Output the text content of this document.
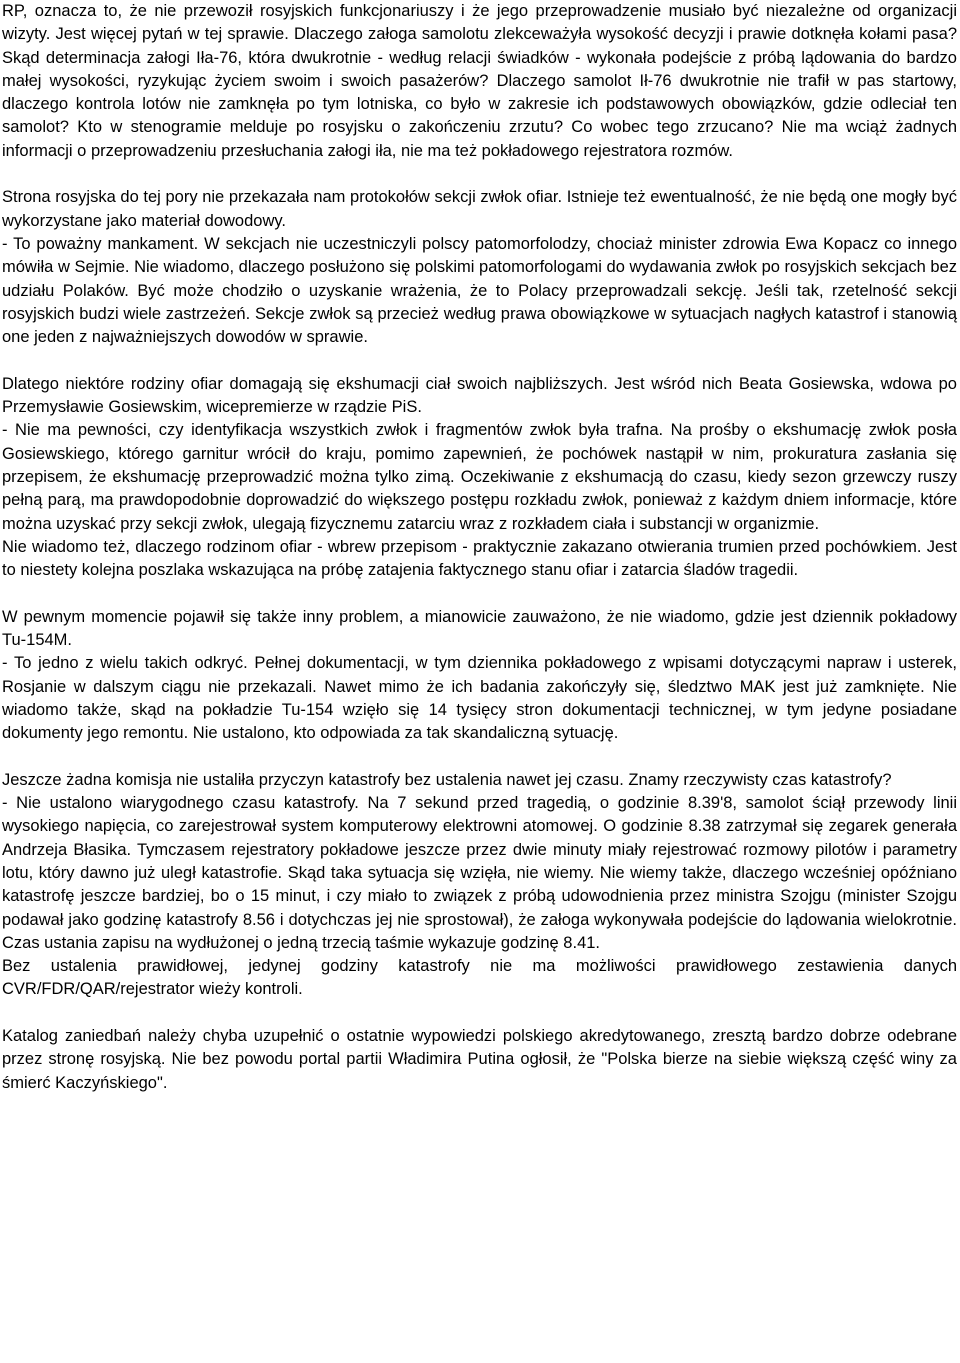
RP, oznacza to, że nie przewoził rosyjskich funkcjonariuszy i że jego przeprowadzenie musiało być niezależne od organizacji wizyty. Jest więcej pytań w tej sprawie. Dlaczego załoga samolotu zlekceważyła wysokość decyzji i prawie dotknęła kołami pasa? Skąd determinacja załogi Iła-76, która dwukrotnie - według relacji świadków - wykonała podejście z próbą lądowania do bardzo małej wysokości, ryzykując życiem swoim i swoich pasażerów? Dlaczego samolot Ił-76 dwukrotnie nie trafił w pas startowy, dlaczego kontrola lotów nie zamknęła po tym lotniska, co było w zakresie ich podstawowych obowiązków, gdzie odleciał ten samolot? Kto w stenogramie melduje po rosyjsku o zakończeniu zrzutu? Co wobec tego zrzucano? Nie ma wciąż żadnych informacji o przeprowadzeniu przesłuchania załogi iła, nie ma też pokładowego rejestratora rozmów.
Strona rosyjska do tej pory nie przekazała nam protokołów sekcji zwłok ofiar. Istnieje też ewentualność, że nie będą one mogły być wykorzystane jako materiał dowodowy.
- To poważny mankament. W sekcjach nie uczestniczyli polscy patomorfolodzy, chociaż minister zdrowia Ewa Kopacz co innego mówiła w Sejmie. Nie wiadomo, dlaczego posłużono się polskimi patomorfologami do wydawania zwłok po rosyjskich sekcjach bez udziału Polaków. Być może chodziło o uzyskanie wrażenia, że to Polacy przeprowadzali sekcję. Jeśli tak, rzetelność sekcji rosyjskich budzi wiele zastrzeżeń. Sekcje zwłok są przecież według prawa obowiązkowe w sytuacjach nagłych katastrof i stanowią one jeden z najważniejszych dowodów w sprawie.
Dlatego niektóre rodziny ofiar domagają się ekshumacji ciał swoich najbliższych. Jest wśród nich Beata Gosiewska, wdowa po Przemysławie Gosiewskim, wicepremierze w rządzie PiS.
- Nie ma pewności, czy identyfikacja wszystkich zwłok i fragmentów zwłok była trafna. Na prośby o ekshumację zwłok posła Gosiewskiego, którego garnitur wrócił do kraju, pomimo zapewnień, że pochówek nastąpił w nim, prokuratura zasłania się przepisem, że ekshumację przeprowadzić można tylko zimą. Oczekiwanie z ekshumacją do czasu, kiedy sezon grzewczy ruszy pełną parą, ma prawdopodobnie doprowadzić do większego postępu rozkładu zwłok, ponieważ z każdym dniem informacje, które można uzyskać przy sekcji zwłok, ulegają fizycznemu zatarciu wraz z rozkładem ciała i substancji w organizmie.
Nie wiadomo też, dlaczego rodzinom ofiar - wbrew przepisom - praktycznie zakazano otwierania trumien przed pochówkiem. Jest to niestety kolejna poszlaka wskazująca na próbę zatajenia faktycznego stanu ofiar i zatarcia śladów tragedii.
W pewnym momencie pojawił się także inny problem, a mianowicie zauważono, że nie wiadomo, gdzie jest dziennik pokładowy Tu-154M.
- To jedno z wielu takich odkryć. Pełnej dokumentacji, w tym dziennika pokładowego z wpisami dotyczącymi napraw i usterek, Rosjanie w dalszym ciągu nie przekazali. Nawet mimo że ich badania zakończyły się, śledztwo MAK jest już zamknięte. Nie wiadomo także, skąd na pokładzie Tu-154 wzięło się 14 tysięcy stron dokumentacji technicznej, w tym jedyne posiadane dokumenty jego remontu. Nie ustalono, kto odpowiada za tak skandaliczną sytuację.
Jeszcze żadna komisja nie ustaliła przyczyn katastrofy bez ustalenia nawet jej czasu. Znamy rzeczywisty czas katastrofy?
- Nie ustalono wiarygodnego czasu katastrofy. Na 7 sekund przed tragedią, o godzinie 8.39'8, samolot ściął przewody linii wysokiego napięcia, co zarejestrował system komputerowy elektrowni atomowej. O godzinie 8.38 zatrzymał się zegarek generała Andrzeja Błasika. Tymczasem rejestratory pokładowe jeszcze przez dwie minuty miały rejestrować rozmowy pilotów i parametry lotu, który dawno już uległ katastrofie. Skąd taka sytuacja się wzięła, nie wiemy. Nie wiemy także, dlaczego wcześniej opóźniano katastrofę jeszcze bardziej, bo o 15 minut, i czy miało to związek z próbą udowodnienia przez ministra Szojgu (minister Szojgu podawał jako godzinę katastrofy 8.56 i dotychczas jej nie sprostował), że załoga wykonywała podejście do lądowania wielokrotnie. Czas ustania zapisu na wydłużonej o jedną trzecią taśmie wykazuje godzinę 8.41.
Bez ustalenia prawidłowej, jedynej godziny katastrofy nie ma możliwości prawidłowego zestawienia danych CVR/FDR/QAR/rejestrator wieży kontroli.
Katalog zaniedbań należy chyba uzupełnić o ostatnie wypowiedzi polskiego akredytowanego, zresztą bardzo dobrze odebrane przez stronę rosyjską. Nie bez powodu portal partii Władimira Putina ogłosił, że "Polska bierze na siebie większą część winy za śmierć Kaczyńskiego".
